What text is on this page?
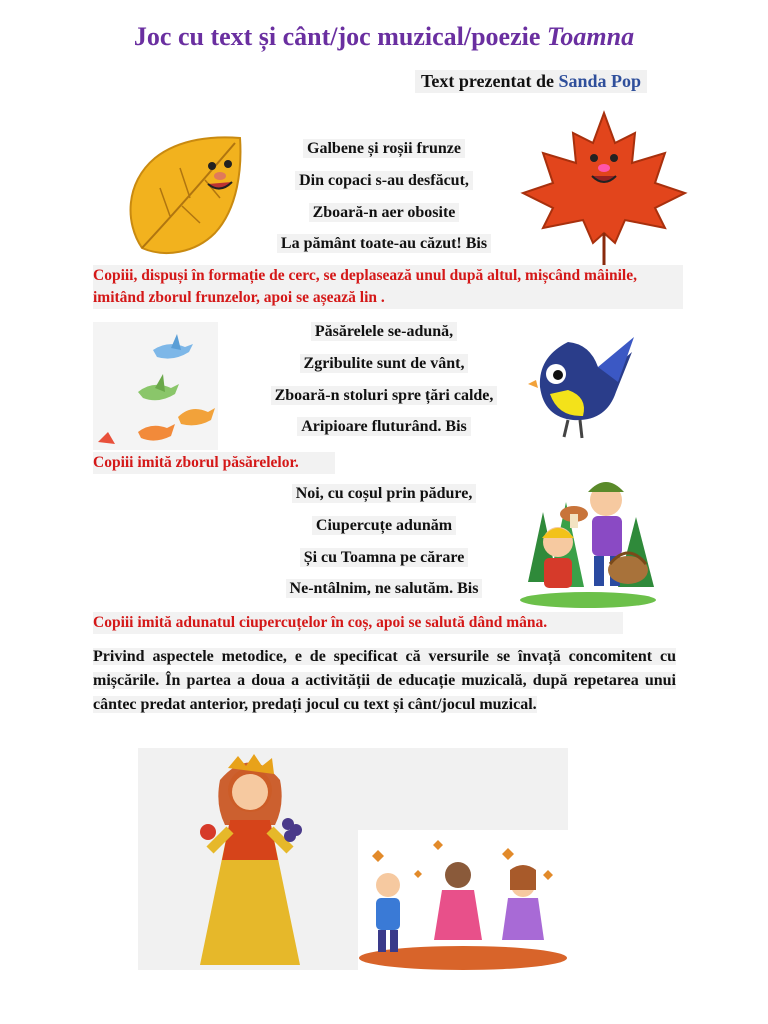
Joc cu text și cânt/joc muzical/poezie Toamna
Text prezentat de Sanda Pop
Galbene și roșii frunze
Din copaci s-au desfăcut,
Zboară-n aer obosite
La pământ toate-au căzut! Bis
Copiii, dispuși în formație de cerc, se deplasează unul după altul, mișcând mâinile, imitând zborul frunzelor, apoi se așează lin .
Păsărelele se-adună,
Zgribulite sunt de vânt,
Zboară-n stoluri spre țări calde,
Aripioare fluturând. Bis
Copiii imită zborul păsărelelor.
Noi, cu coșul prin pădure,
Ciupercuțe adunăm
Și cu Toamna pe cărare
Ne-ntâlnim, ne salutăm. Bis
Copiii imită adunatul ciupercuțelor în coș, apoi se salută dând mâna.
Privind aspectele metodice, e de specificat că versurile se învață concomitent cu mișcările. În partea a doua a activității de educație muzicală, după repetarea unui cântec predat anterior, predați jocul cu text și cânt/jocul muzical.
